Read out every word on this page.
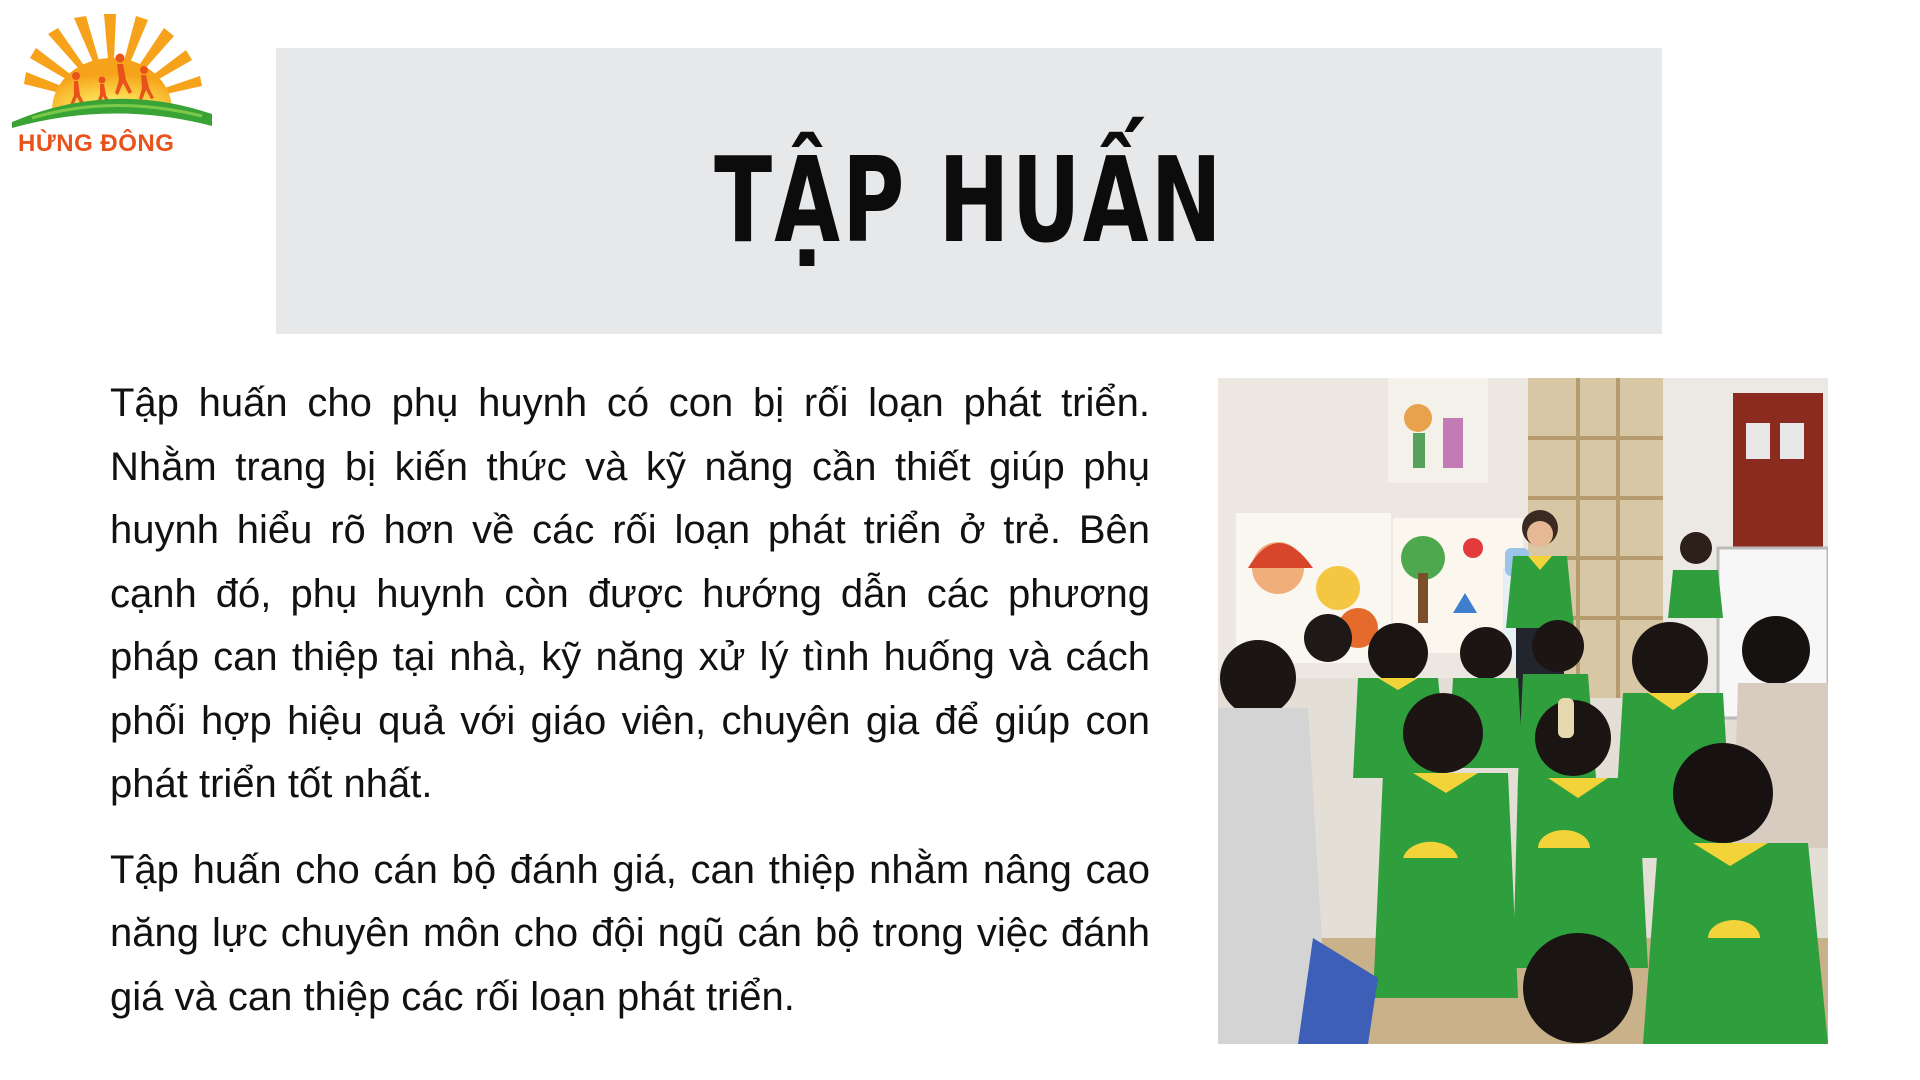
HỪNG ĐÔNG	TẬP HUẤN

Tập huấn cho phụ huynh có con bị rối loạn phát triển. Nhằm trang bị kiến thức và kỹ năng cần thiết giúp phụ huynh hiểu rõ hơn về các rối loạn phát triển ở trẻ. Bên cạnh đó, phụ huynh còn được hướng dẫn các phương pháp can thiệp tại nhà, kỹ năng xử lý tình huống và cách phối hợp hiệu quả với giáo viên, chuyên gia để giúp con phát triển tốt nhất.

Tập huấn cho cán bộ đánh giá, can thiệp nhằm nâng cao năng lực chuyên môn cho đội ngũ cán bộ trong việc đánh giá và can thiệp các rối loạn phát triển.
